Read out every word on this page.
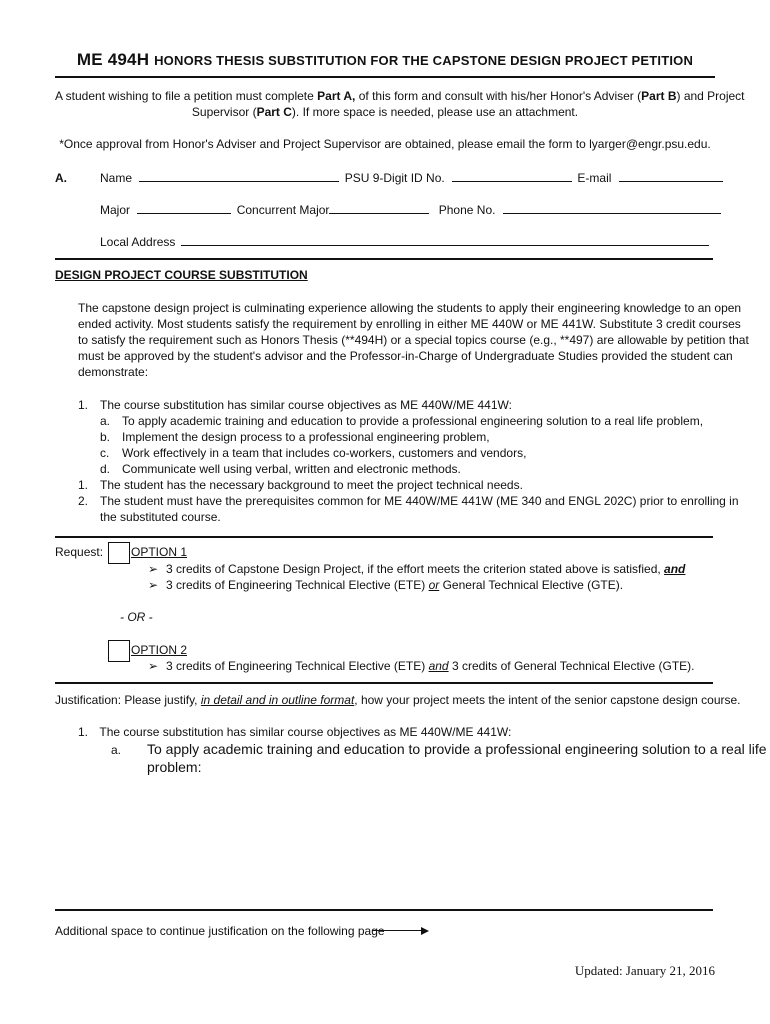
ME 494H HONORS THESIS SUBSTITUTION FOR THE CAPSTONE DESIGN PROJECT PETITION
A student wishing to file a petition must complete Part A, of this form and consult with his/her Honor's Adviser (Part B) and Project
Supervisor (Part C). If more space is needed, please use an attachment.
*Once approval from Honor's Adviser and Project Supervisor are obtained, please email the form to lyarger@engr.psu.edu.
A.	Name	PSU 9-Digit ID No.	E-mail
Major	Concurrent Major	Phone No.
Local Address
DESIGN PROJECT COURSE SUBSTITUTION
The capstone design project is culminating experience allowing the students to apply their engineering knowledge to an open
ended activity. Most students satisfy the requirement by enrolling in either ME 440W or ME 441W. Substitute 3 credit courses
to satisfy the requirement such as Honors Thesis (**494H) or a special topics course (e.g., **497) are allowable by petition that
must be approved by the student's advisor and the Professor-in-Charge of Undergraduate Studies provided the student can
demonstrate:
1. The course substitution has similar course objectives as ME 440W/ME 441W:
a. To apply academic training and education to provide a professional engineering solution to a real life problem,
b. Implement the design process to a professional engineering problem,
c. Work effectively in a team that includes co-workers, customers and vendors,
d. Communicate well using verbal, written and electronic methods.
1. The student has the necessary background to meet the project technical needs.
2. The student must have the prerequisites common for ME 440W/ME 441W (ME 340 and ENGL 202C) prior to enrolling in
the substituted course.
Request: OPTION 1
➢ 3 credits of Capstone Design Project, if the effort meets the criterion stated above is satisfied, and
➢ 3 credits of Engineering Technical Elective (ETE) or General Technical Elective (GTE).
- OR -
OPTION 2
➢ 3 credits of Engineering Technical Elective (ETE) and 3 credits of General Technical Elective (GTE).
Justification: Please justify, in detail and in outline format, how your project meets the intent of the senior capstone design course.
1. The course substitution has similar course objectives as ME 440W/ME 441W:
a. To apply academic training and education to provide a professional engineering solution to a real life
problem:
Additional space to continue justification on the following page
Updated: January 21, 2016
